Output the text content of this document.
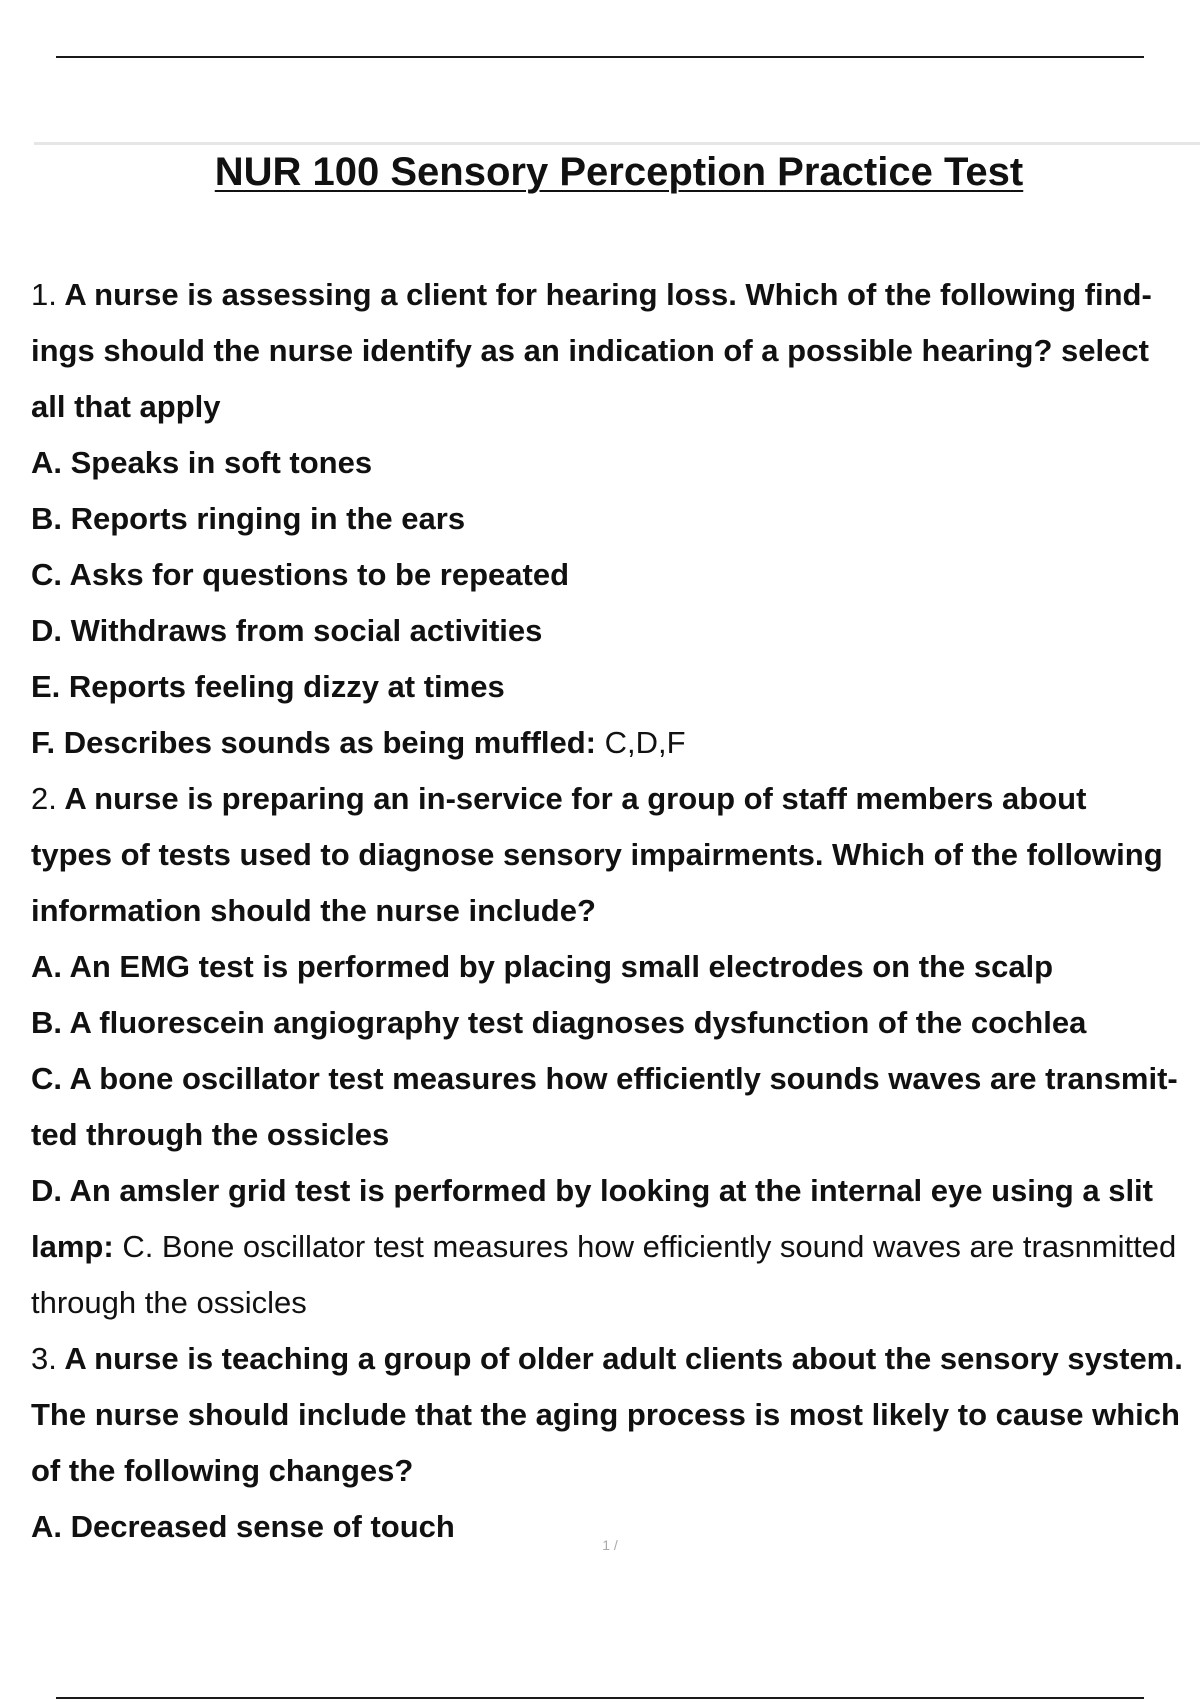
NUR 100 Sensory Perception Practice Test
1. A nurse is assessing a client for hearing loss. Which of the following find-
ings should the nurse identify as an indication of a possible hearing? select
all that apply
A. Speaks in soft tones
B. Reports ringing in the ears
C. Asks for questions to be repeated
D. Withdraws from social activities
E. Reports feeling dizzy at times
F. Describes sounds as being muffled: C,D,F
2. A nurse is preparing an in-service for a group of staff members about
types of tests used to diagnose sensory impairments. Which of the following
information should the nurse include?
A. An EMG test is performed by placing small electrodes on the scalp
B. A fluorescein angiography test diagnoses dysfunction of the cochlea
C. A bone oscillator test measures how efficiently sounds waves are transmit-
ted through the ossicles
D. An amsler grid test is performed by looking at the internal eye using a slit
lamp: C. Bone oscillator test measures how efficiently sound waves are trasnmitted
through the ossicles
3. A nurse is teaching a group of older adult clients about the sensory system.
The nurse should include that the aging process is most likely to cause which
of the following changes?
A. Decreased sense of touch
1 /
